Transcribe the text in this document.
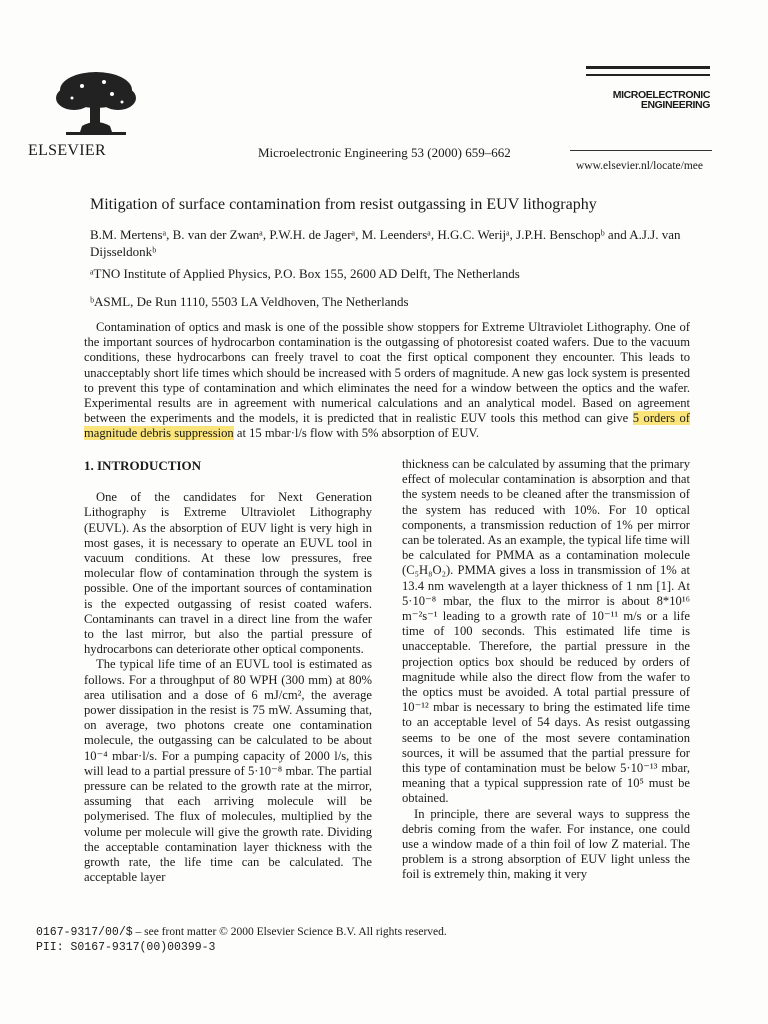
ELSEVIER	Microelectronic Engineering 53 (2000) 659–662
MICROELECTRONIC
ENGINEERING
www.elsevier.nl/locate/mee
Mitigation of surface contamination from resist outgassing in EUV lithography
B.M. Mertensᵃ, B. van der Zwanᵃ, P.W.H. de Jagerᵃ, M. Leendersᵃ, H.G.C. Werijᵃ, J.P.H. Benschopᵇ and A.J.J. van Dijsseldonkᵇ
ᵃTNO Institute of Applied Physics, P.O. Box 155, 2600 AD Delft, The Netherlands
ᵇASML, De Run 1110, 5503 LA Veldhoven, The Netherlands
Contamination of optics and mask is one of the possible show stoppers for Extreme Ultraviolet Lithography. One of the important sources of hydrocarbon contamination is the outgassing of photoresist coated wafers. Due to the vacuum conditions, these hydrocarbons can freely travel to coat the first optical component they encounter. This leads to unacceptably short life times which should be increased with 5 orders of magnitude. A new gas lock system is presented to prevent this type of contamination and which eliminates the need for a window between the optics and the wafer. Experimental results are in agreement with numerical calculations and an analytical model. Based on agreement between the experiments and the models, it is predicted that in realistic EUV tools this method can give 5 orders of magnitude debris suppression at 15 mbar·l/s flow with 5% absorption of EUV.

1. INTRODUCTION

One of the candidates for Next Generation Lithography is Extreme Ultraviolet Lithography (EUVL). As the absorption of EUV light is very high in most gases, it is necessary to operate an EUVL tool in vacuum conditions. At these low pressures, free molecular flow of contamination through the system is possible. One of the important sources of contamination is the expected outgassing of resist coated wafers. Contaminants can travel in a direct line from the wafer to the last mirror, but also the partial pressure of hydrocarbons can deteriorate other optical components.

The typical life time of an EUVL tool is estimated as follows. For a throughput of 80 WPH (300 mm) at 80% area utilisation and a dose of 6 mJ/cm², the average power dissipation in the resist is 75 mW. Assuming that, on average, two photons create one contamination molecule, the outgassing can be calculated to be about 10⁻⁴ mbar·l/s. For a pumping capacity of 2000 l/s, this will lead to a partial pressure of 5·10⁻⁸ mbar. The partial pressure can be related to the growth rate at the mirror, assuming that each arriving molecule will be polymerised. The flux of molecules, multiplied by the volume per molecule will give the growth rate. Dividing the acceptable contamination layer thickness with the growth rate, the life time can be calculated. The acceptable layer

thickness can be calculated by assuming that the primary effect of molecular contamination is absorption and that the system needs to be cleaned after the transmission of the system has reduced with 10%. For 10 optical components, a transmission reduction of 1% per mirror can be tolerated. As an example, the typical life time will be calculated for PMMA as a contamination molecule (C₅H₈O₂). PMMA gives a loss in transmission of 1% at 13.4 nm wavelength at a layer thickness of 1 nm [1]. At 5·10⁻⁸ mbar, the flux to the mirror is about 8*10¹⁶ m⁻²s⁻¹ leading to a growth rate of 10⁻¹¹ m/s or a life time of 100 seconds. This estimated life time is unacceptable. Therefore, the partial pressure in the projection optics box should be reduced by orders of magnitude while also the direct flow from the wafer to the optics must be avoided. A total partial pressure of 10⁻¹² mbar is necessary to bring the estimated life time to an acceptable level of 54 days. As resist outgassing seems to be one of the most severe contamination sources, it will be assumed that the partial pressure for this type of contamination must be below 5·10⁻¹³ mbar, meaning that a typical suppression rate of 10⁵ must be obtained.

In principle, there are several ways to suppress the debris coming from the wafer. For instance, one could use a window made of a thin foil of low Z material. The problem is a strong absorption of EUV light unless the foil is extremely thin, making it very

0167-9317/00/$ – see front matter © 2000 Elsevier Science B.V. All rights reserved.
PII: S0167-9317(00)00399-3
